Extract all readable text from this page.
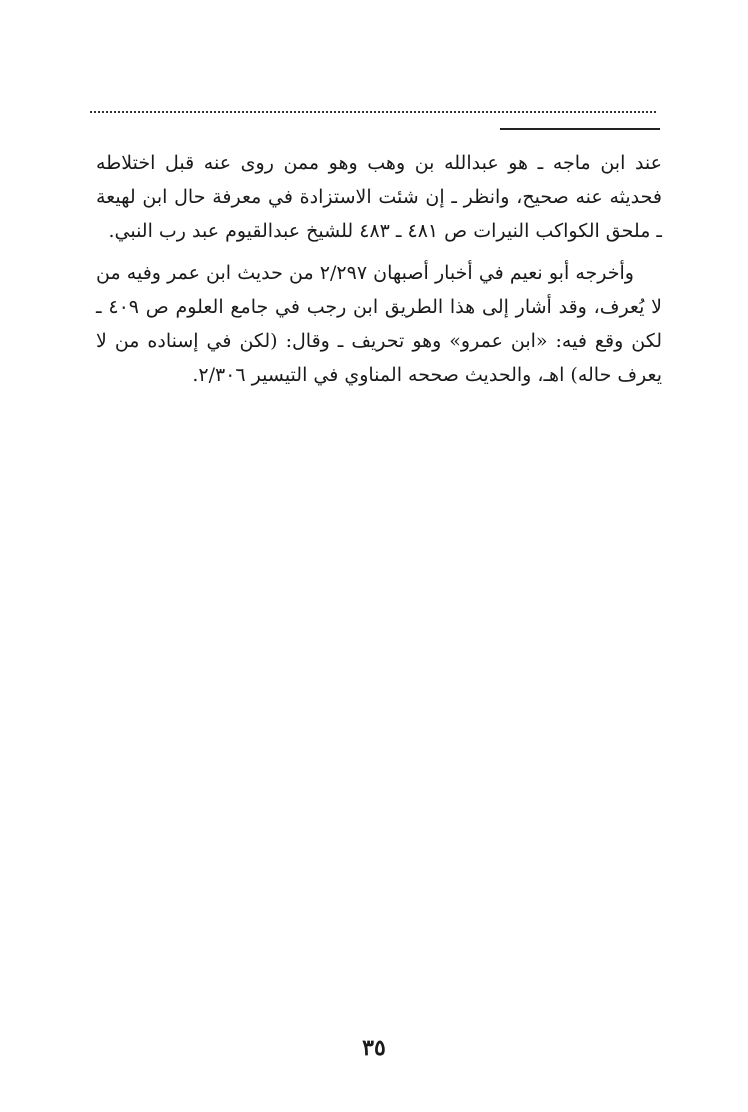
عند ابن ماجه ـ هو عبدالله بن وهب وهو ممن روى عنه قبل اختلاطه فحديثه عنه صحيح، وانظر ـ إن شئت الاستزادة في معرفة حال ابن لهيعة ـ ملحق الكواكب النيرات ص ٤٨١ ـ ٤٨٣ للشيخ عبدالقيوم عبد رب النبي.

وأخرجه أبو نعيم في أخبار أصبهان ٢/٢٩٧ من حديث ابن عمر وفيه من لا يُعرف، وقد أشار إلى هذا الطريق ابن رجب في جامع العلوم ص ٤٠٩ ـ لكن وقع فيه: «ابن عمرو» وهو تحريف ـ وقال: (لكن في إسناده من لا يعرف حاله) اهـ، والحديث صححه المناوي في التيسير ٢/٣٠٦.

٣٥
